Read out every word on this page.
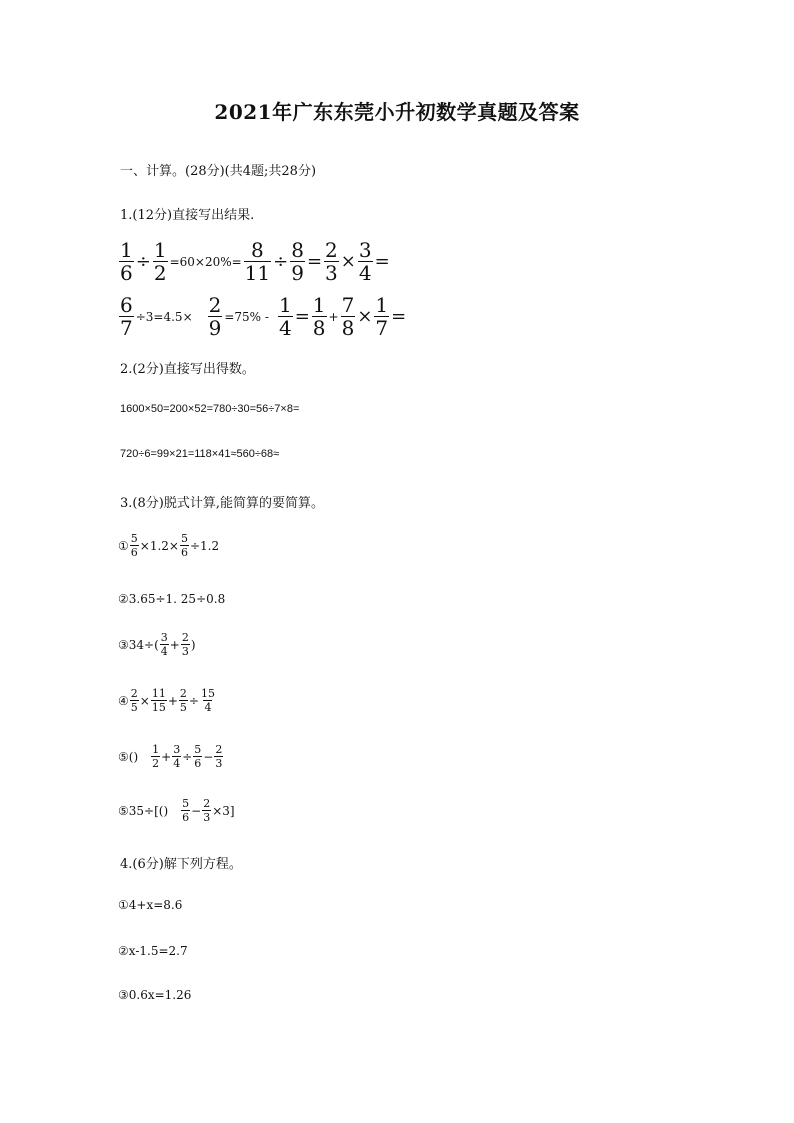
2021年广东东莞小升初数学真题及答案
一、计算。(28分)(共4题;共28分)
1.(12分)直接写出结果.
$\frac{1}{6} \div \frac{1}{2} =60\times 20\%= \frac{8}{11} \div \frac{8}{9} = \frac{2}{3} \times \frac{3}{4}$ =
$\frac{6}{7} \div 3=4.5\times \frac{2}{9} =75\% - \frac{1}{4} = \frac{1}{8} + \frac{7}{8} \times \frac{1}{7}$ =
2.(2分)直接写出得数。
1600×50=200×52=780÷30=56÷7×8=
720÷6=99×21=118×41≈560÷68≈
3.(8分)脱式计算,能简算的要简算。
① $\frac{5}{6} \times 1.2\times \frac{5}{6} \div 1.2$
②3.65÷1. 25÷0.8
③34÷( $\frac{3}{4} + \frac{2}{3}$ )
④ $\frac{2}{5} \times \frac{11}{15} + \frac{2}{5} \div \frac{15}{4}$
⑤() $\frac{1}{2} + \frac{3}{4} \div \frac{5}{6} - \frac{2}{3}$
⑤35÷[() $\frac{5}{6} - \frac{2}{3} \times 3$]
4.(6分)解下列方程。
①4+x=8.6
②x-1.5=2.7
③0.6x=1.26
